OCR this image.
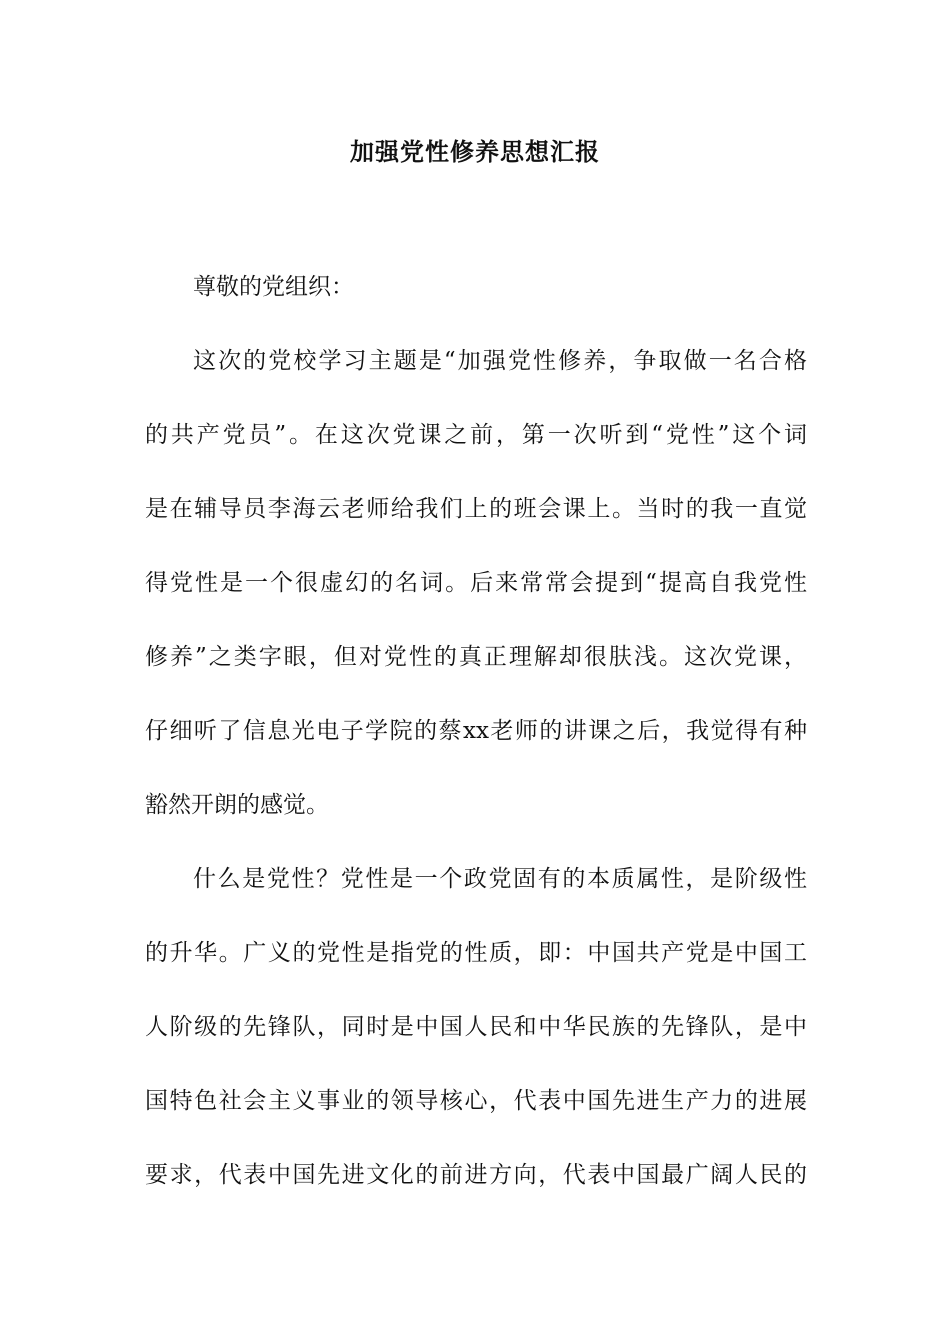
加强党性修养思想汇报
尊敬的党组织：
这次的党校学习主题是“加强党性修养，争取做一名合格
的共产党员”。在这次党课之前，第一次听到“党性”这个词
是在辅导员李海云老师给我们上的班会课上。当时的我一直觉
得党性是一个很虚幻的名词。后来常常会提到“提高自我党性
修养”之类字眼，但对党性的真正理解却很肤浅。这次党课，
仔细听了信息光电子学院的蔡xx老师的讲课之后，我觉得有种
豁然开朗的感觉。
什么是党性？党性是一个政党固有的本质属性，是阶级性
的升华。广义的党性是指党的性质，即：中国共产党是中国工
人阶级的先锋队，同时是中国人民和中华民族的先锋队，是中
国特色社会主义事业的领导核心，代表中国先进生产力的进展
要求，代表中国先进文化的前进方向，代表中国最广阔人民的
